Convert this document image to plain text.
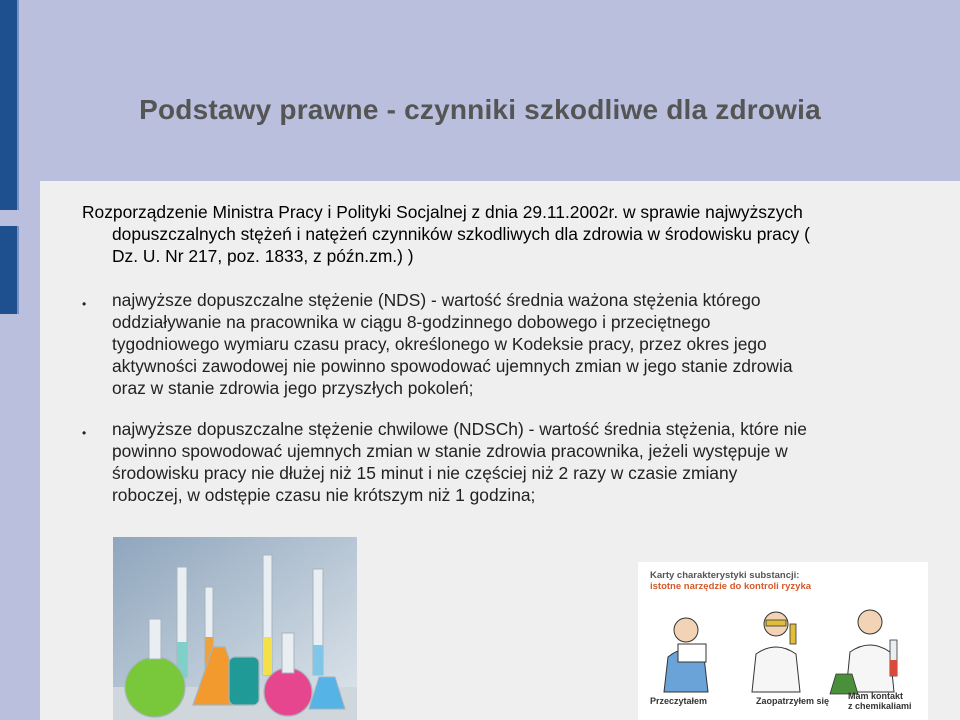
Podstawy prawne - czynniki szkodliwe dla zdrowia
Rozporządzenie Ministra Pracy i Polityki Socjalnej z dnia 29.11.2002r. w sprawie najwyższych
dopuszczalnych stężeń i natężeń czynników szkodliwych dla zdrowia w środowisku pracy (
Dz. U. Nr 217, poz. 1833, z późn.zm.) )
• najwyższe dopuszczalne stężenie (NDS) - wartość średnia ważona stężenia którego
oddziaływanie na pracownika w ciągu 8-godzinnego dobowego i przeciętnego
tygodniowego wymiaru czasu pracy, określonego w Kodeksie pracy, przez okres jego
aktywności zawodowej nie powinno spowodować ujemnych zmian w jego stanie zdrowia
oraz w stanie zdrowia jego przyszłych pokoleń;
• najwyższe dopuszczalne stężenie chwilowe (NDSCh) - wartość średnia stężenia, które nie
powinno spowodować ujemnych zmian w stanie zdrowia pracownika, jeżeli występuje w
środowisku pracy nie dłużej niż 15 minut i nie częściej niż 2 razy w czasie zmiany
roboczej, w odstępie czasu nie krótszym niż 1 godzina;
Karty charakterystyki substancji:
istotne narzędzie do kontroli ryzyka
Przeczytałem	Zaopatrzyłem się Mam kontakt
z chemikaliami
